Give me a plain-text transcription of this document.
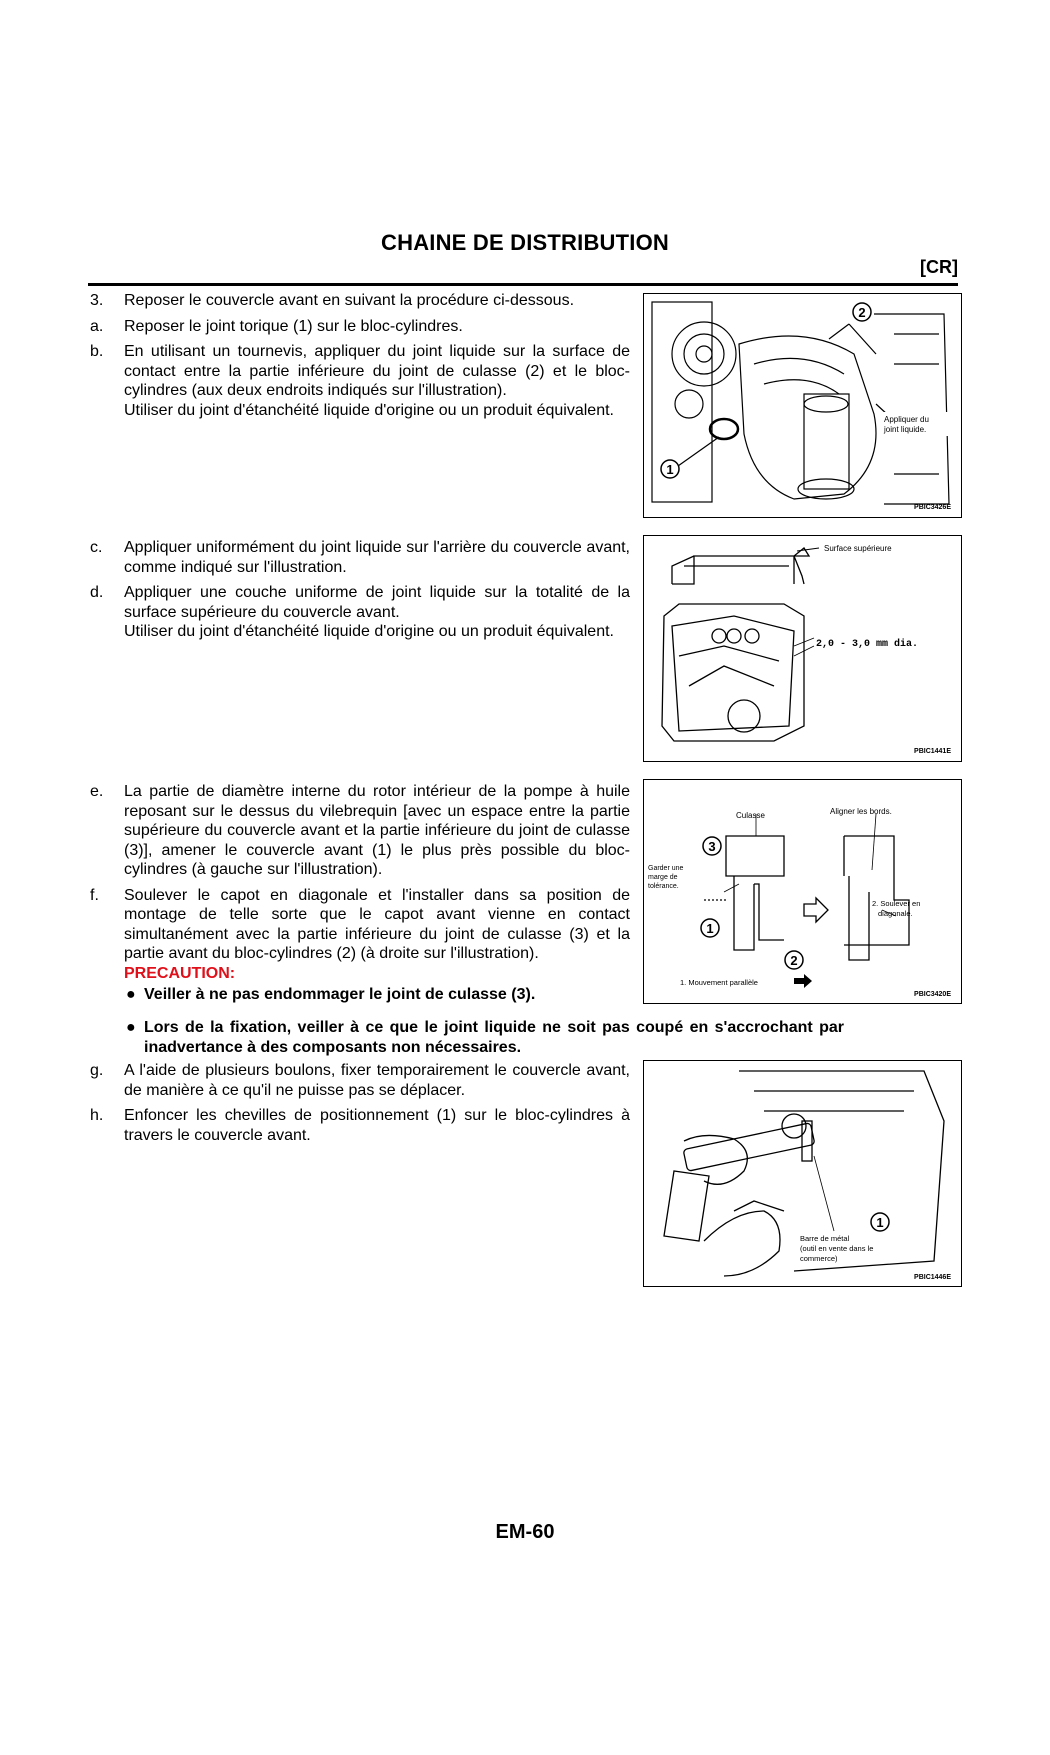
CHAINE DE DISTRIBUTION
[CR]
3. Reposer le couvercle avant en suivant la procédure ci-dessous.

a. Reposer le joint torique (1) sur le bloc-cylindres.

b. En utilisant un tournevis, appliquer du joint liquide sur la surface de contact entre la partie inférieure du joint de culasse (2) et le bloc-cylindres (aux deux endroits indiqués sur l'illustration).

Utiliser du joint d'étanchéité liquide d'origine ou un produit équivalent.

c. Appliquer uniformément du joint liquide sur l'arrière du couvercle avant, comme indiqué sur l'illustration.

d. Appliquer une couche uniforme de joint liquide sur la totalité de la surface supérieure du couvercle avant.

Utiliser du joint d'étanchéité liquide d'origine ou un produit équivalent.

e. La partie de diamètre interne du rotor intérieur de la pompe à huile reposant sur le dessus du vilebrequin [avec un espace entre la partie supérieure du couvercle avant et la partie inférieure du joint de culasse (3)], amener le couvercle avant (1) le plus près possible du bloc-cylindres (à gauche sur l'illustration).

f. Soulever le capot en diagonale et l'installer dans sa position de montage de telle sorte que le capot avant vienne en contact simultanément avec la partie inférieure du joint de culasse (3) et la partie avant du bloc-cylindres (2) (à droite sur l'illustration).

PRECAUTION:

● Veiller à ne pas endommager le joint de culasse (3).
● Lors de la fixation, veiller à ce que le joint liquide ne soit pas coupé en s'accrochant par inadvertance à des composants non nécessaires.
g. A l'aide de plusieurs boulons, fixer temporairement le couvercle avant, de manière à ce qu'il ne puisse pas se déplacer.

h. Enfoncer les chevilles de positionnement (1) sur le bloc-cylindres à travers le couvercle avant.

2
1
Appliquer du
joint liquide.
PBIC3426E
Surface supérieure
2,0 - 3,0 mm dia.
PBIC1441E
Culasse	Aligner les bords.
Garder une
marge de
tolérance.
2. Soulever en
diagonale.
1. Mouvement parallèle
3
1
2
PBIC3420E
1
Barre de métal
(outil en vente dans le
commerce)
PBIC1446E
EM-60
